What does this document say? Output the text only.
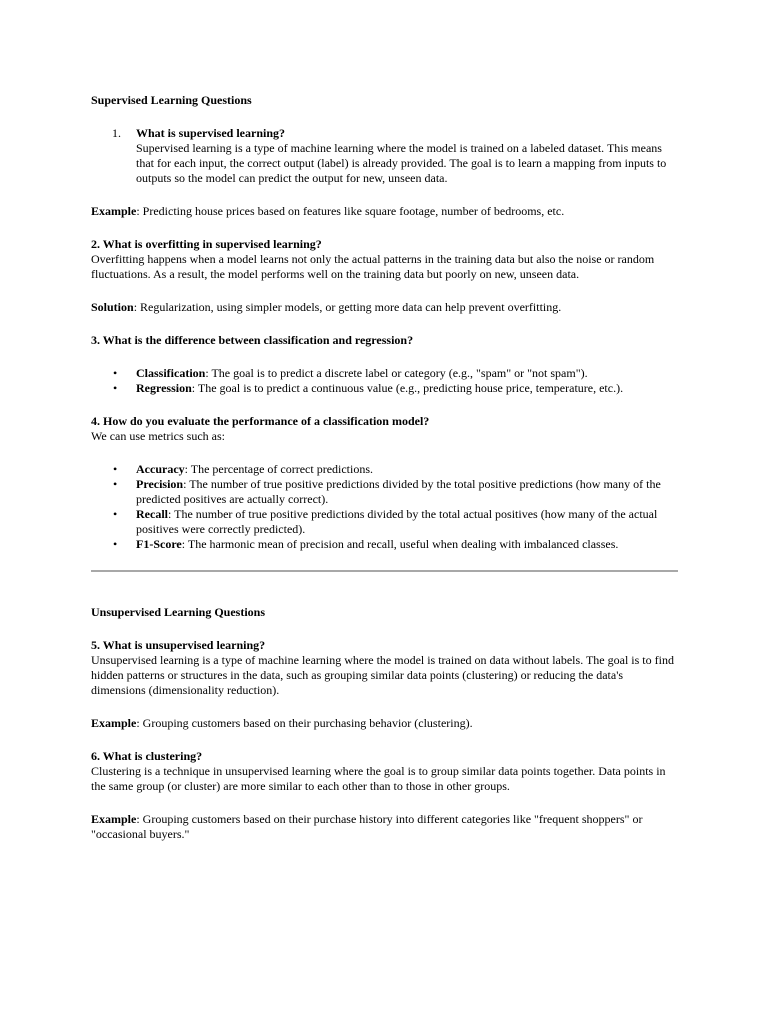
Supervised Learning Questions
1. What is supervised learning?

Supervised learning is a type of machine learning where the model is trained on a labeled dataset. This means that for each input, the correct output (label) is already provided. The goal is to learn a mapping from inputs to outputs so the model can predict the output for new, unseen data.

Example: Predicting house prices based on features like square footage, number of bedrooms, etc.

2. What is overfitting in supervised learning?

Overfitting happens when a model learns not only the actual patterns in the training data but also the noise or random fluctuations. As a result, the model performs well on the training data but poorly on new, unseen data.

Solution: Regularization, using simpler models, or getting more data can help prevent overfitting.

3. What is the difference between classification and regression?

• Classification: The goal is to predict a discrete label or category (e.g., "spam" or "not spam").
• Regression: The goal is to predict a continuous value (e.g., predicting house price, temperature, etc.).

4. How do you evaluate the performance of a classification model?

We can use metrics such as:

• Accuracy: The percentage of correct predictions.
• Precision: The number of true positive predictions divided by the total positive predictions (how many of the predicted positives are actually correct).
• Recall: The number of true positive predictions divided by the total actual positives (how many of the actual positives were correctly predicted).
• F1-Score: The harmonic mean of precision and recall, useful when dealing with imbalanced classes.
Unsupervised Learning Questions

5. What is unsupervised learning?

Unsupervised learning is a type of machine learning where the model is trained on data without labels. The goal is to find hidden patterns or structures in the data, such as grouping similar data points (clustering) or reducing the data's dimensions (dimensionality reduction).

Example: Grouping customers based on their purchasing behavior (clustering).

6. What is clustering?

Clustering is a technique in unsupervised learning where the goal is to group similar data points together. Data points in the same group (or cluster) are more similar to each other than to those in other groups.

Example: Grouping customers based on their purchase history into different categories like "frequent shoppers" or "occasional buyers."
